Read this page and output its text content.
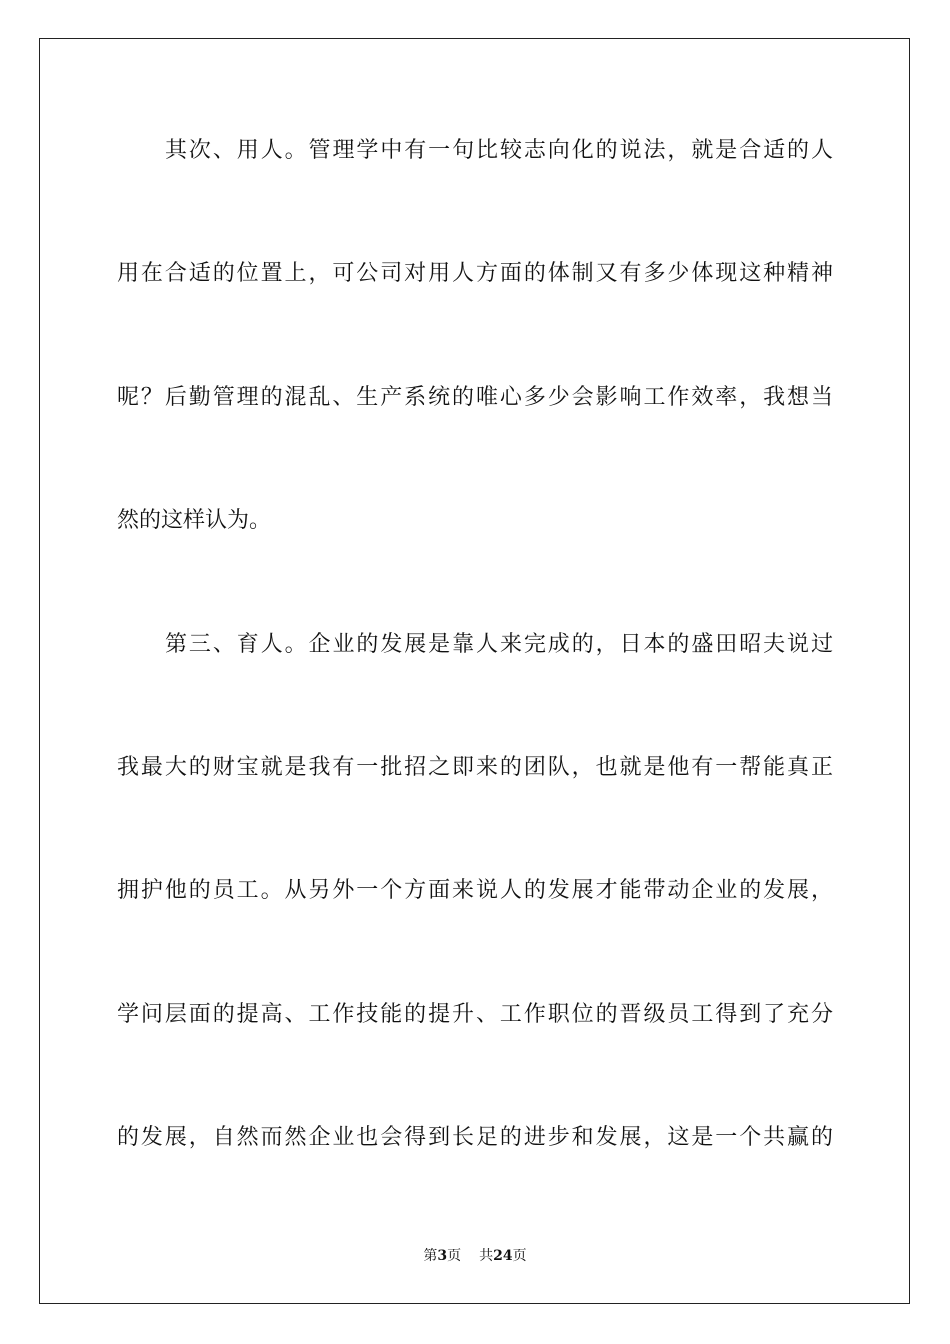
其次、用人。管理学中有一句比较志向化的说法，就是合适的人
用在合适的位置上，可公司对用人方面的体制又有多少体现这种精神
呢？后勤管理的混乱、生产系统的唯心多少会影响工作效率，我想当
然的这样认为。
第三、育人。企业的发展是靠人来完成的，日本的盛田昭夫说过
我最大的财宝就是我有一批招之即来的团队，也就是他有一帮能真正
拥护他的员工。从另外一个方面来说人的发展才能带动企业的发展，
学问层面的提高、工作技能的提升、工作职位的晋级员工得到了充分
的发展，自然而然企业也会得到长足的进步和发展，这是一个共赢的
第3页 共24页
